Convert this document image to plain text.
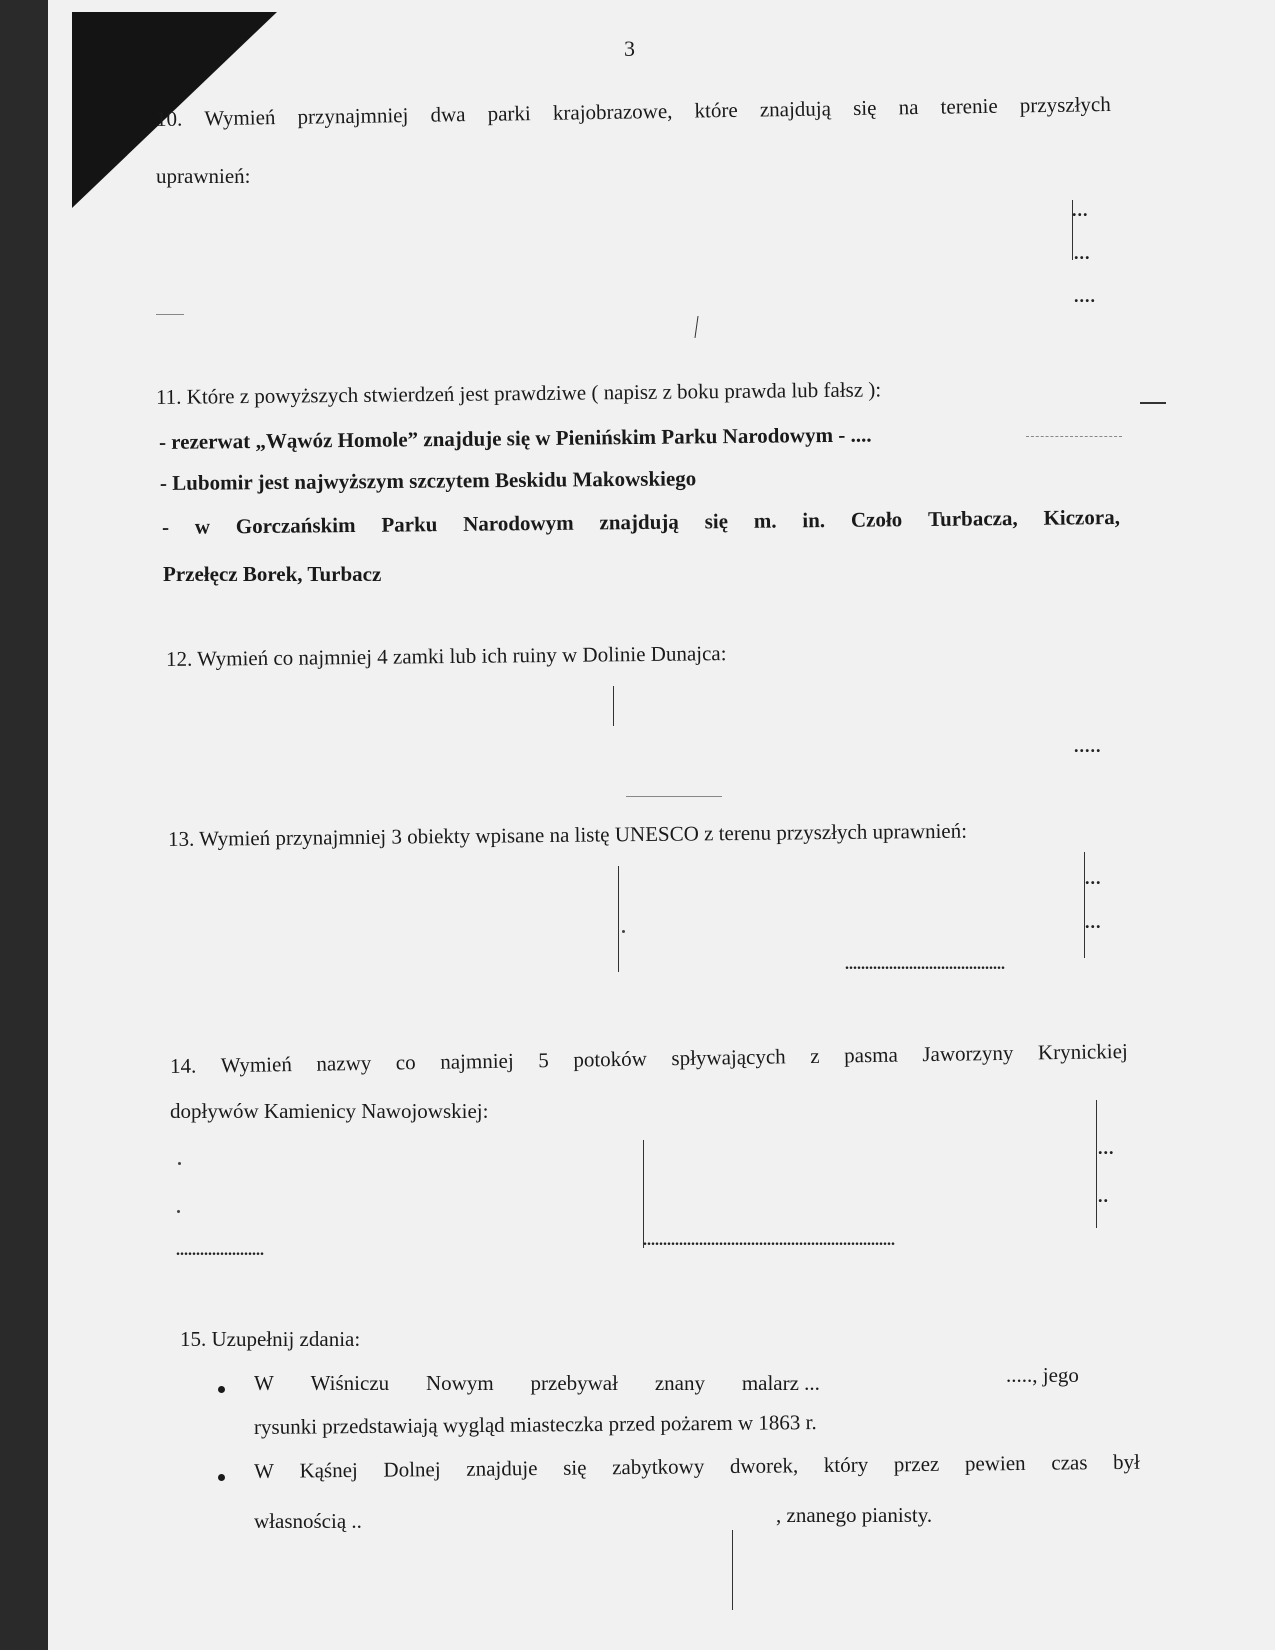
3
10. Wymień przynajmniej dwa parki krajobrazowe, które znajdują się na terenie przyszłych
uprawnień:
...
...
....
11. Które z powyższych stwierdzeń jest prawdziwe ( napisz z boku prawda lub fałsz ):
- rezerwat „Wąwóz Homole” znajduje się w Pienińskim Parku Narodowym - ....
- Lubomir jest najwyższym szczytem Beskidu Makowskiego
- w Gorczańskim Parku Narodowym znajdują się m. in. Czoło Turbacza, Kiczora,
Przełęcz Borek, Turbacz
12. Wymień co najmniej 4 zamki lub ich ruiny w Dolinie Dunajca:
.....
13. Wymień przynajmniej 3 obiekty wpisane na listę UNESCO z terenu przyszłych uprawnień:
...
...
........................................
14. Wymień nazwy co najmniej 5 potoków spływających z pasma Jaworzyny Krynickiej
dopływów Kamienicy Nawojowskiej:
...
..
......................
...............................................................
15. Uzupełnij zdania:
W Wiśniczu Nowym przebywał znany malarz ...	....., jego
rysunki przedstawiają wygląd miasteczka przed pożarem w 1863 r.
W Kąśnej Dolnej znajduje się zabytkowy dworek, który przez pewien czas był
własnością ..	, znanego pianisty.
